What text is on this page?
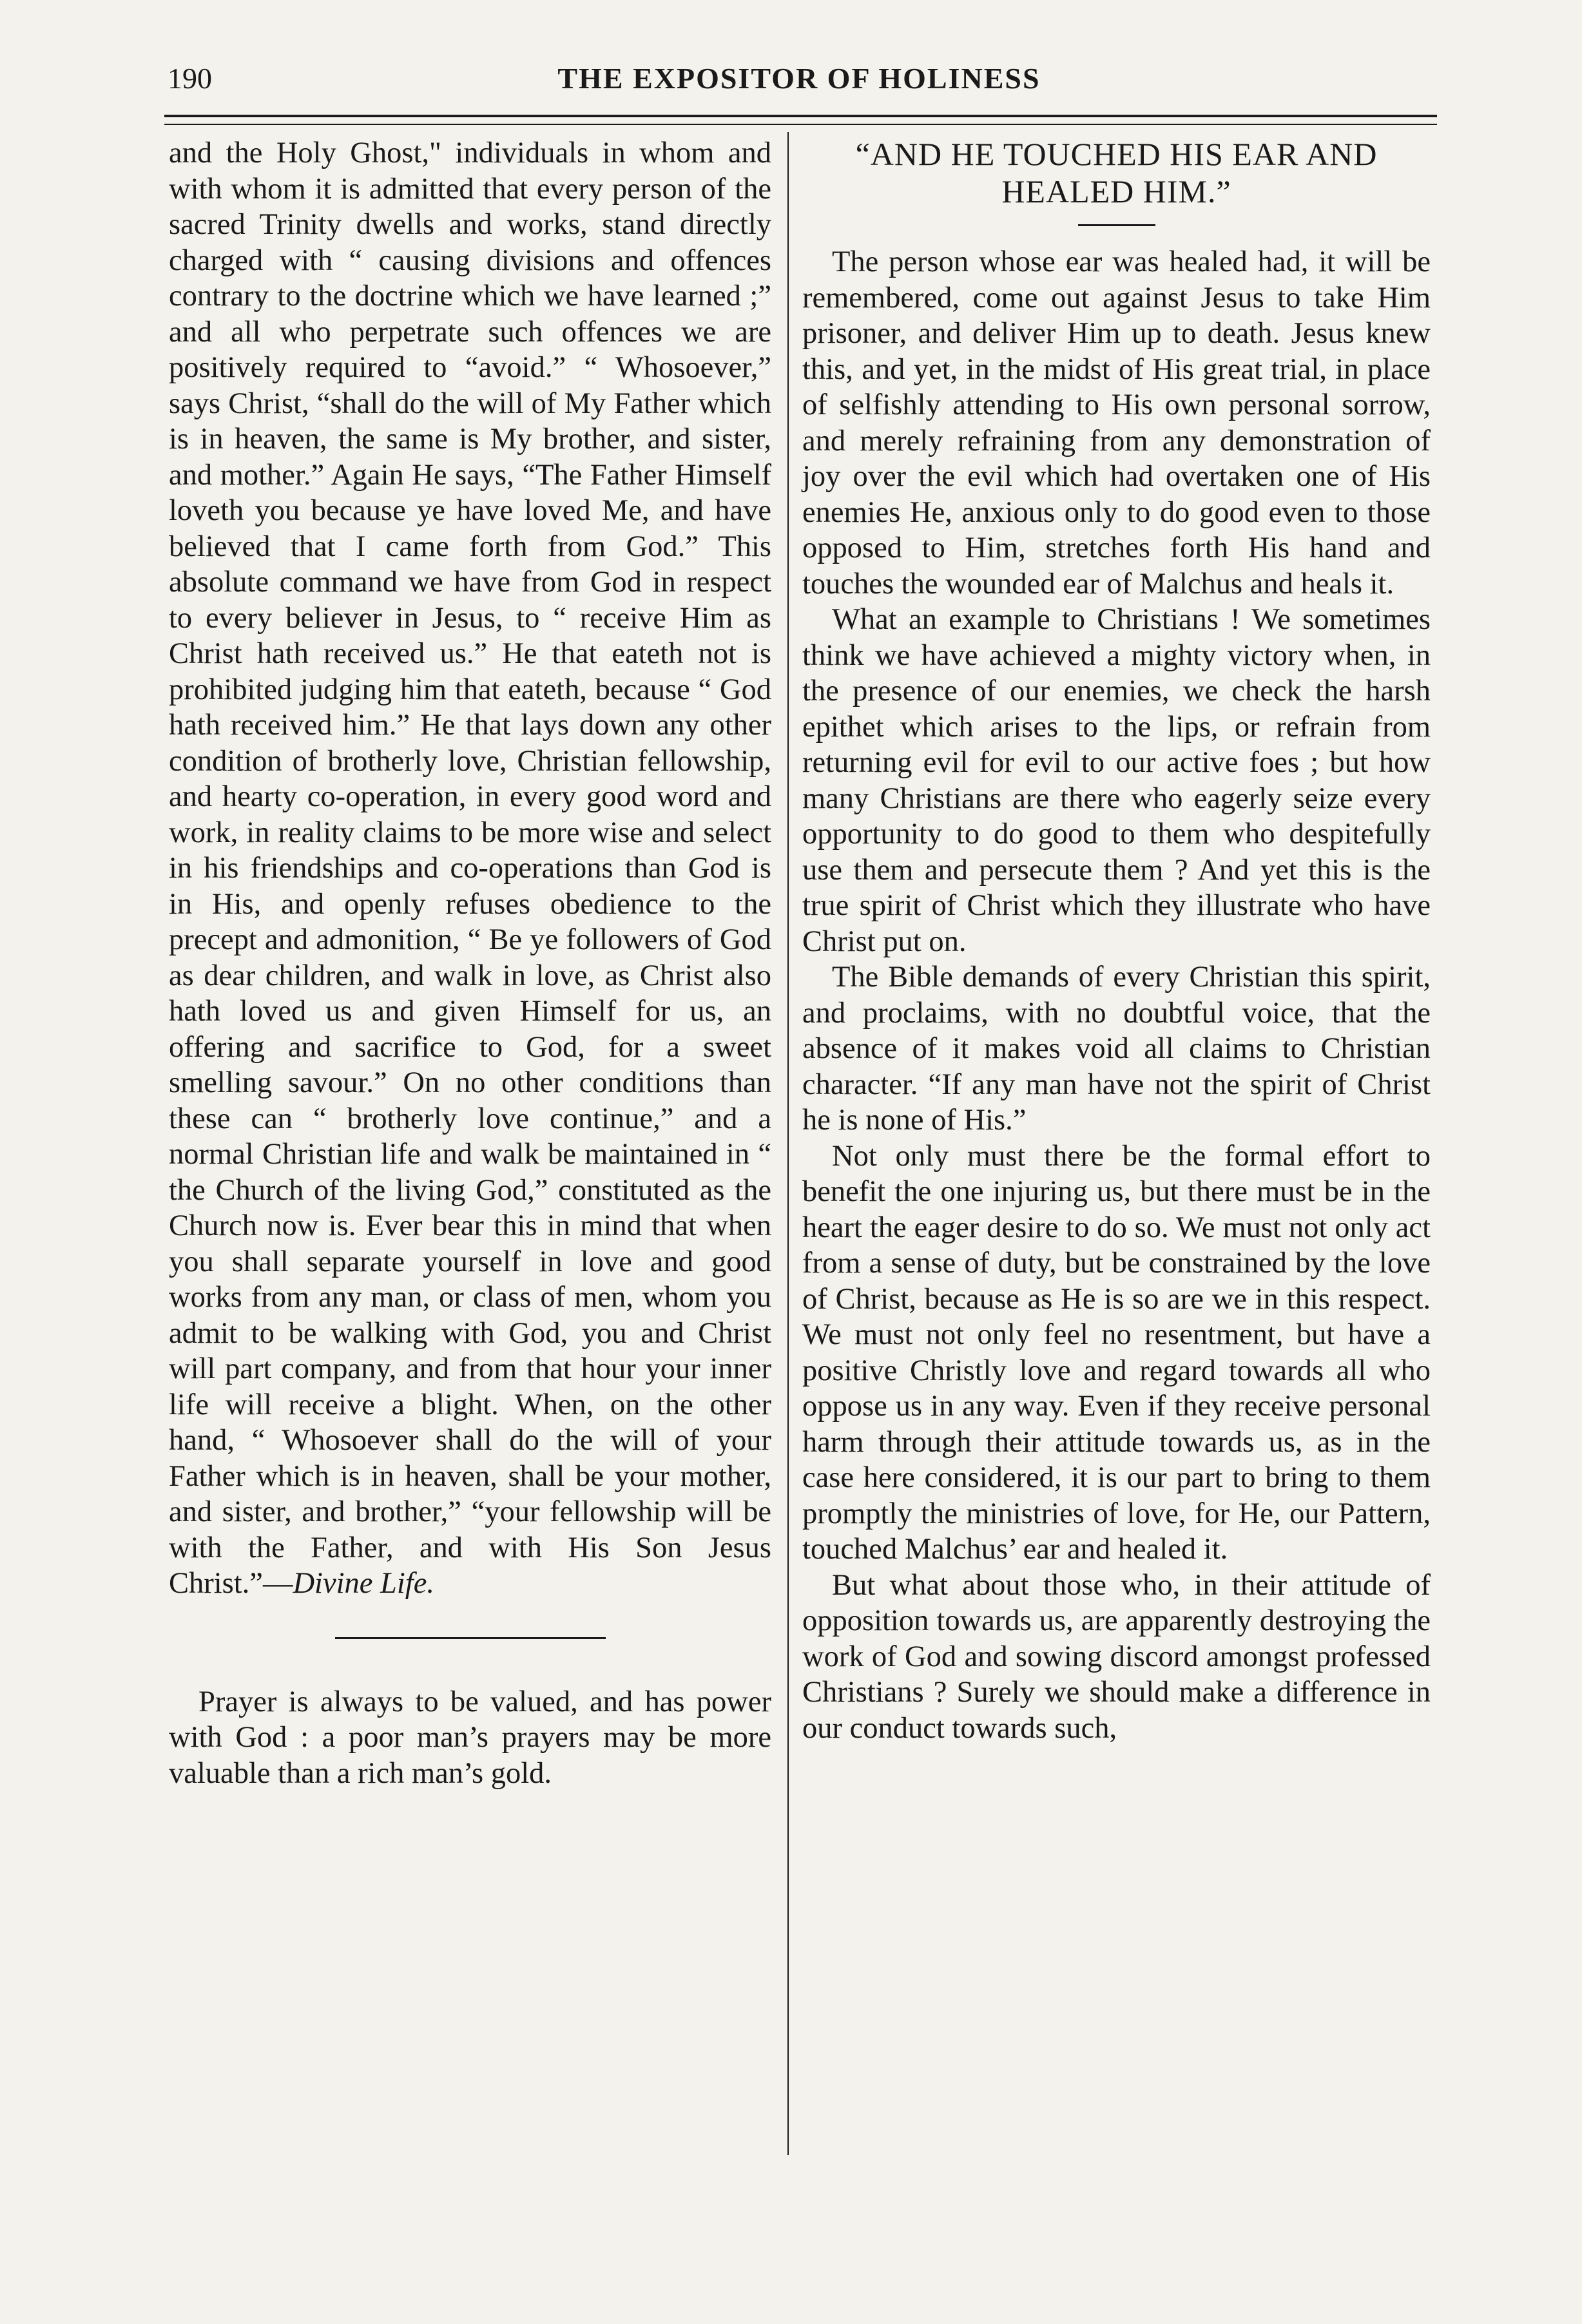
190	THE EXPOSITOR OF HOLINESS

and the Holy Ghost," individuals in whom and with whom it is admitted that every person of the sacred Trinity dwells and works, stand directly charged with “ causing divisions and offences contrary to the doctrine which we have learned ;” and all who perpetrate such offences we are positively required to “avoid.” “ Whosoever,” says Christ, “shall do the will of My Father which is in heaven, the same is My brother, and sister, and mother.” Again He says, “The Father Himself loveth you because ye have loved Me, and have believed that I came forth from God.” This absolute command we have from God in respect to every believer in Jesus, to “ receive Him as Christ hath received us.” He that eateth not is prohibited judging him that eateth, because “ God hath received him.” He that lays down any other condition of brotherly love, Christian fellowship, and hearty co-operation, in every good word and work, in reality claims to be more wise and select in his friendships and co-operations than God is in His, and openly refuses obedience to the precept and admonition, “ Be ye followers of God as dear children, and walk in love, as Christ also hath loved us and given Himself for us, an offering and sacrifice to God, for a sweet smelling savour.” On no other conditions than these can “ brotherly love continue,” and a normal Christian life and walk be maintained in “ the Church of the living God,” constituted as the Church now is. Ever bear this in mind that when you shall separate yourself in love and good works from any man, or class of men, whom you admit to be walking with God, you and Christ will part company, and from that hour your inner life will receive a blight. When, on the other hand, “ Whosoever shall do the will of your Father which is in heaven, shall be your mother, and sister, and brother,” “your fellowship will be with the Father, and with His Son Jesus Christ.”—Divine Life.

Prayer is always to be valued, and has power with God : a poor man’s prayers may be more valuable than a rich man’s gold.

“AND HE TOUCHED HIS EAR AND HEALED HIM.”

The person whose ear was healed had, it will be remembered, come out against Jesus to take Him prisoner, and deliver Him up to death. Jesus knew this, and yet, in the midst of His great trial, in place of selfishly attending to His own personal sorrow, and merely refraining from any demonstration of joy over the evil which had overtaken one of His enemies He, anxious only to do good even to those opposed to Him, stretches forth His hand and touches the wounded ear of Malchus and heals it.

What an example to Christians ! We sometimes think we have achieved a mighty victory when, in the presence of our enemies, we check the harsh epithet which arises to the lips, or refrain from returning evil for evil to our active foes ; but how many Christians are there who eagerly seize every opportunity to do good to them who despitefully use them and persecute them ? And yet this is the true spirit of Christ which they illustrate who have Christ put on.

The Bible demands of every Christian this spirit, and proclaims, with no doubtful voice, that the absence of it makes void all claims to Christian character. “If any man have not the spirit of Christ he is none of His.”

Not only must there be the formal effort to benefit the one injuring us, but there must be in the heart the eager desire to do so. We must not only act from a sense of duty, but be constrained by the love of Christ, because as He is so are we in this respect. We must not only feel no resentment, but have a positive Christly love and regard towards all who oppose us in any way. Even if they receive personal harm through their attitude towards us, as in the case here considered, it is our part to bring to them promptly the ministries of love, for He, our Pattern, touched Malchus’ ear and healed it.

But what about those who, in their attitude of opposition towards us, are apparently destroying the work of God and sowing discord amongst professed Christians ? Surely we should make a difference in our conduct towards such,
